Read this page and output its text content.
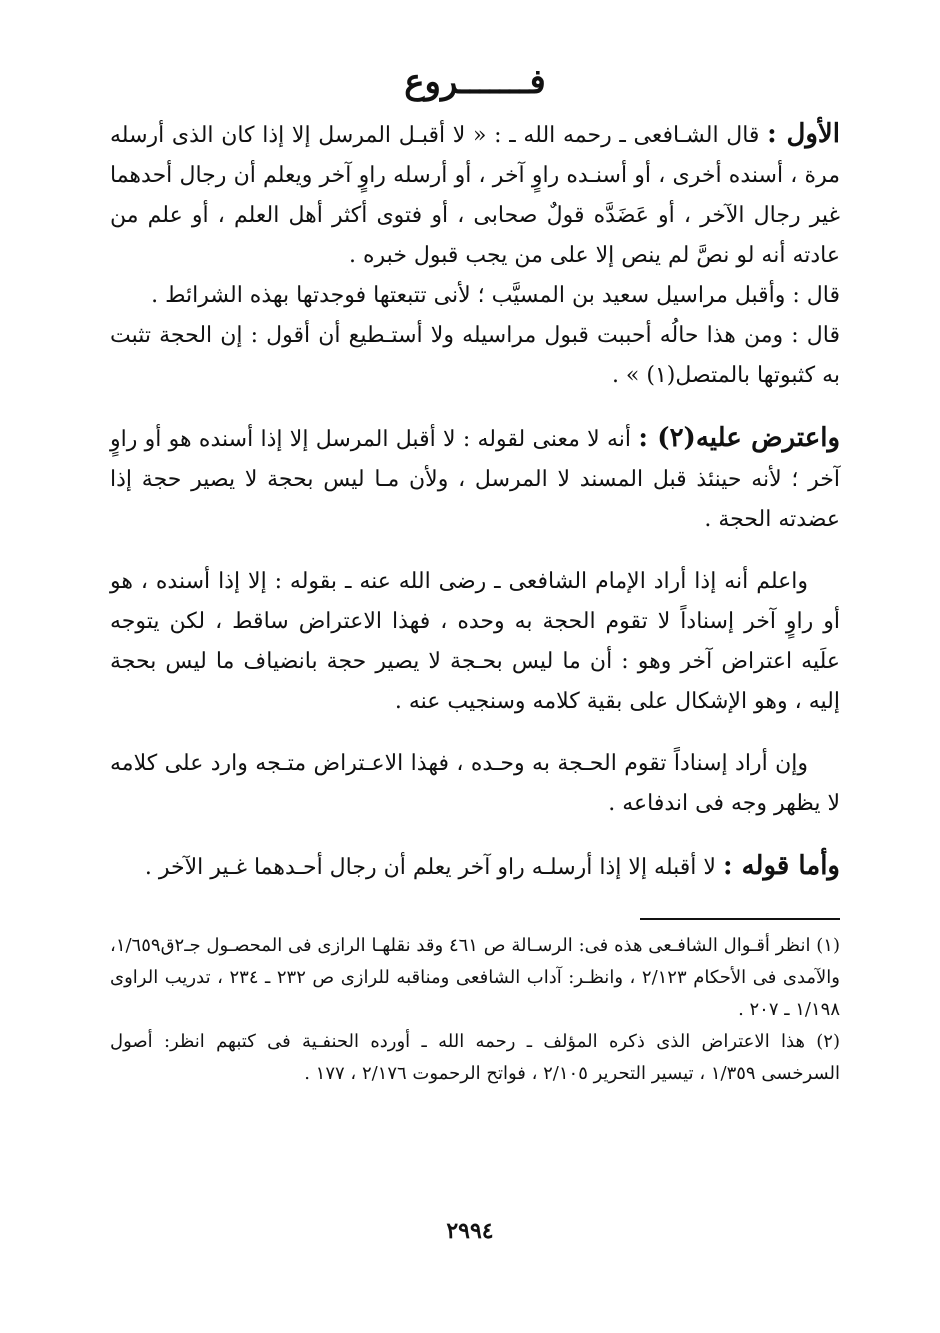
فـــــــروع

الأول : قال الشـافعى ـ رحمه الله ـ : « لا أقبـل المرسل إلا إذا كان الذى أرسله مرة ، أسنده أخرى ، أو أسنـده راوٍ آخر ، أو أرسله راوٍ آخر ويعلم أن رجال أحدهما غير رجال الآخر ، أو عَضَدَّه قولٌ صحابى ، أو فتوى أكثر أهل العلم ، أو علم من عادته أنه لو نصَّ لم ينص إلا على من يجب قبول خبره .

قال : وأقبل مراسيل سعيد بن المسيَّب ؛ لأنى تتبعتها فوجدتها بهذه الشرائط .

قال : ومن هذا حالُه أحببت قبول مراسيله ولا أستـطيع أن أقول : إن الحجة تثبت به كثبوتها بالمتصل(١) » .

واعترض عليه(٢) : أنه لا معنى لقوله : لا أقبل المرسل إلا إذا أسنده هو أو راوٍ آخر ؛ لأنه حينئذ قبل المسند لا المرسل ، ولأن مـا ليس بحجة لا يصير حجة إذا عضدته الحجة .

واعلم أنه إذا أراد الإمام الشافعى ـ رضى الله عنه ـ بقوله : إلا إذا أسنده ، هو أو راوٍ آخر إسناداً لا تقوم الحجة به وحده ، فهذا الاعتراض ساقط ، لكن يتوجه علَيه اعتراض آخر وهو : أن ما ليس بحـجة لا يصير حجة بانضياف ما ليس بحجة إليه ، وهو الإشكال على بقية كلامه وسنجيب عنه .

وإن أراد إسناداً تقوم الحـجة به وحـده ، فهذا الاعـتراض متـجه وارد على كلامه لا يظهر وجه فى اندفاعه .

وأما قوله : لا أقبله إلا إذا أرسلـه راو آخر يعلم أن رجال أحـدهما غـير الآخر .

(١) انظر أقـوال الشافـعى هذه فى: الرسـالة ص ٤٦١ وقد نقلهـا الرازى فى المحصـول جـ٢ق١/٦٥٩، والآمدى فى الأحكام ٢/١٢٣ ، وانظـر: آداب الشافعى ومناقبه للرازى ص ٢٣٢ ـ ٢٣٤ ، تدريب الراوى ١/١٩٨ ـ ٢٠٧ .

(٢) هذا الاعتراض الذى ذكره المؤلف ـ رحمه الله ـ أورده الحنفـية فى كتبهم انظر: أصول السرخسى ١/٣٥٩ ، تيسير التحرير ٢/١٠٥ ، فواتح الرحموت ٢/١٧٦ ، ١٧٧ .

٢٩٩٤
